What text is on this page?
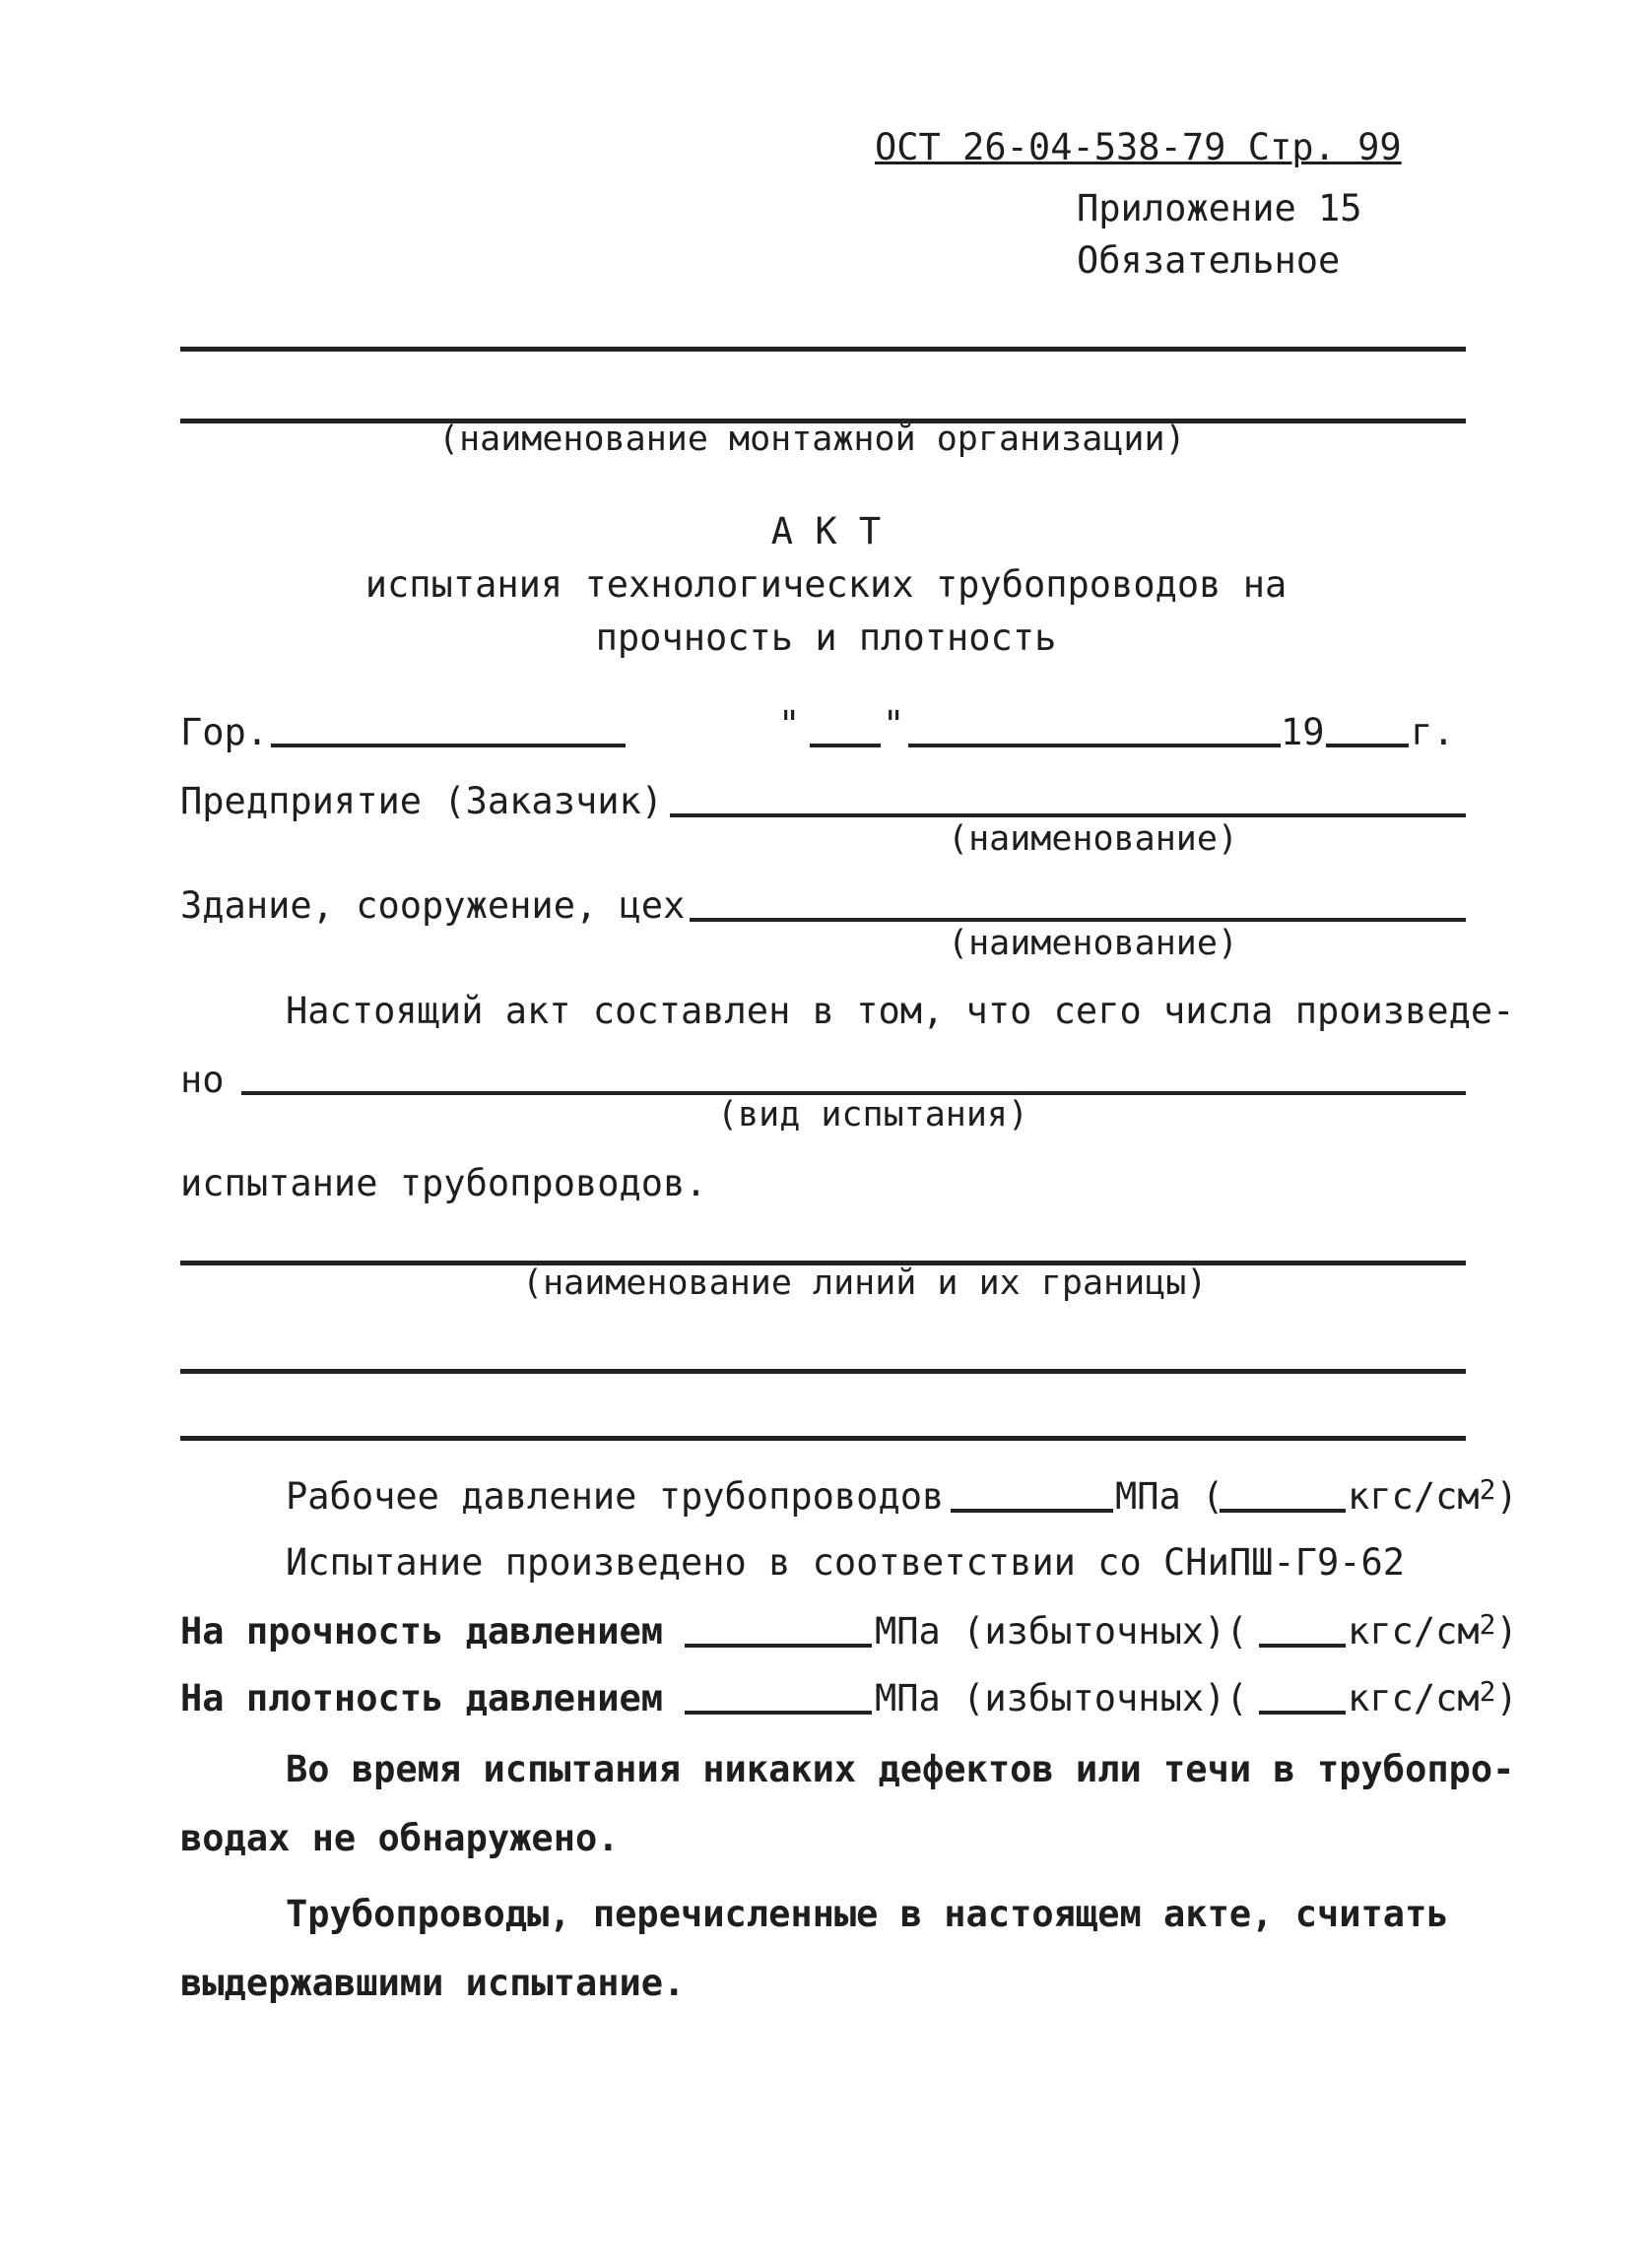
ОСТ 26-04-538-79 Стр. 99
Приложение 15
Обязательное
(наименование монтажной организации)
А К Т
испытания технологических трубопроводов на
прочность и плотность
Гор.	" "	19 г.
Предприятие (Заказчик)
(наименование)
Здание, сооружение, цех
(наименование)
Настоящий акт составлен в том, что сего числа произведе-
но
(вид испытания)
испытание трубопроводов.
(наименование линий и их границы)
Рабочее давление трубопроводов	МПа (	кгс/$см^2$)
Испытание произведено в соответствии со СНиПШ-Г9-62
На прочность давлением	МПа (избыточных)(	кгс/$см^2$)
На плотность давлением	МПа (избыточных)(	кгс/$см^2$)
Во время испытания никаких дефектов или течи в трубопро-
водах не обнаружено.
Трубопроводы, перечисленные в настоящем акте, считать
выдержавшими испытание.
